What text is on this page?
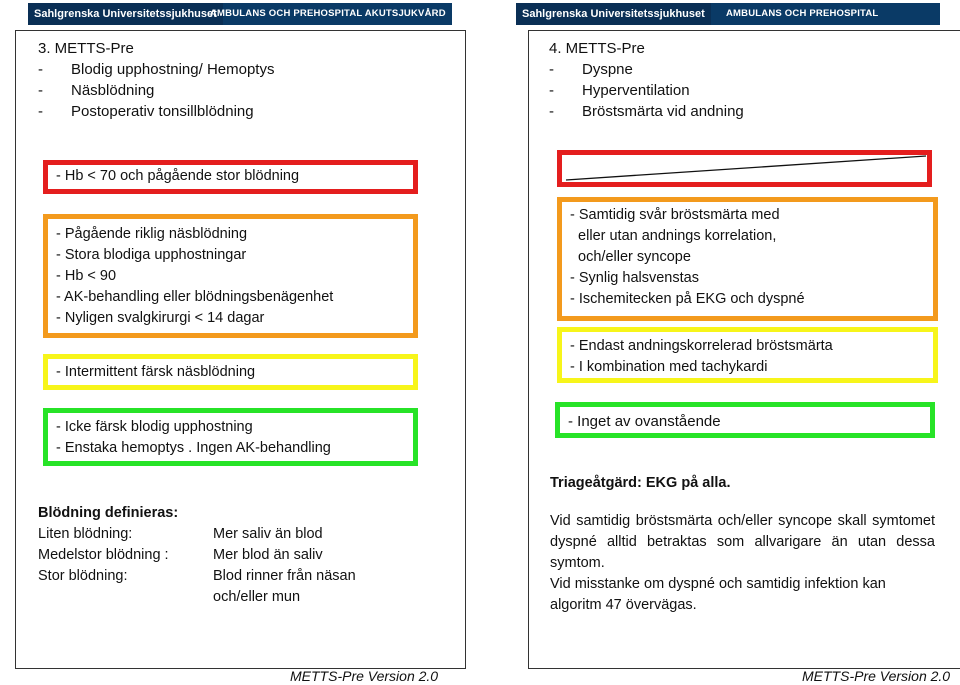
Sahlgrenska Universitetssjukhuset
AMBULANS OCH PREHOSPITAL AKUTSJUKVÅRD
3. METTS-Pre
-	Blodig upphostning/ Hemoptys
-	Näsblödning
-	Postoperativ tonsillblödning
- Hb < 70 och pågående stor blödning
- Pågående riklig näsblödning
- Stora blodiga upphostningar
- Hb < 90
- AK-behandling eller blödningsbenägenhet
- Nyligen svalgkirurgi < 14 dagar
- Intermittent färsk näsblödning
- Icke färsk blodig upphostning
- Enstaka hemoptys . Ingen AK-behandling
Blödning definieras:
Liten blödning:	Mer saliv än blod
Medelstor blödning :	Mer blod än saliv
Stor blödning:	Blod rinner från näsan
och/eller mun
METTS-Pre Version 2.0
Sahlgrenska Universitetssjukhuset	AMBULANS OCH PREHOSPITAL AKUTSJUKVÅRD
4. METTS-Pre
-	Dyspne
-	Hyperventilation
-	Bröstsmärta vid andning
- Samtidig svår bröstsmärta med
eller utan andnings korrelation,
och/eller syncope
- Synlig halsvenstas
- Ischemitecken på EKG och dyspné
- Endast andningskorrelerad bröstsmärta
- I kombination med tachykardi
- Inget av ovanstående
Triageåtgärd: EKG på alla.
Vid samtidig bröstsmärta och/eller syncope skall symtomet dyspné alltid betraktas som allvarigare än utan dessa symtom.
Vid misstanke om dyspné och samtidig infektion kan algoritm 47 övervägas.
METTS-Pre Version 2.0
